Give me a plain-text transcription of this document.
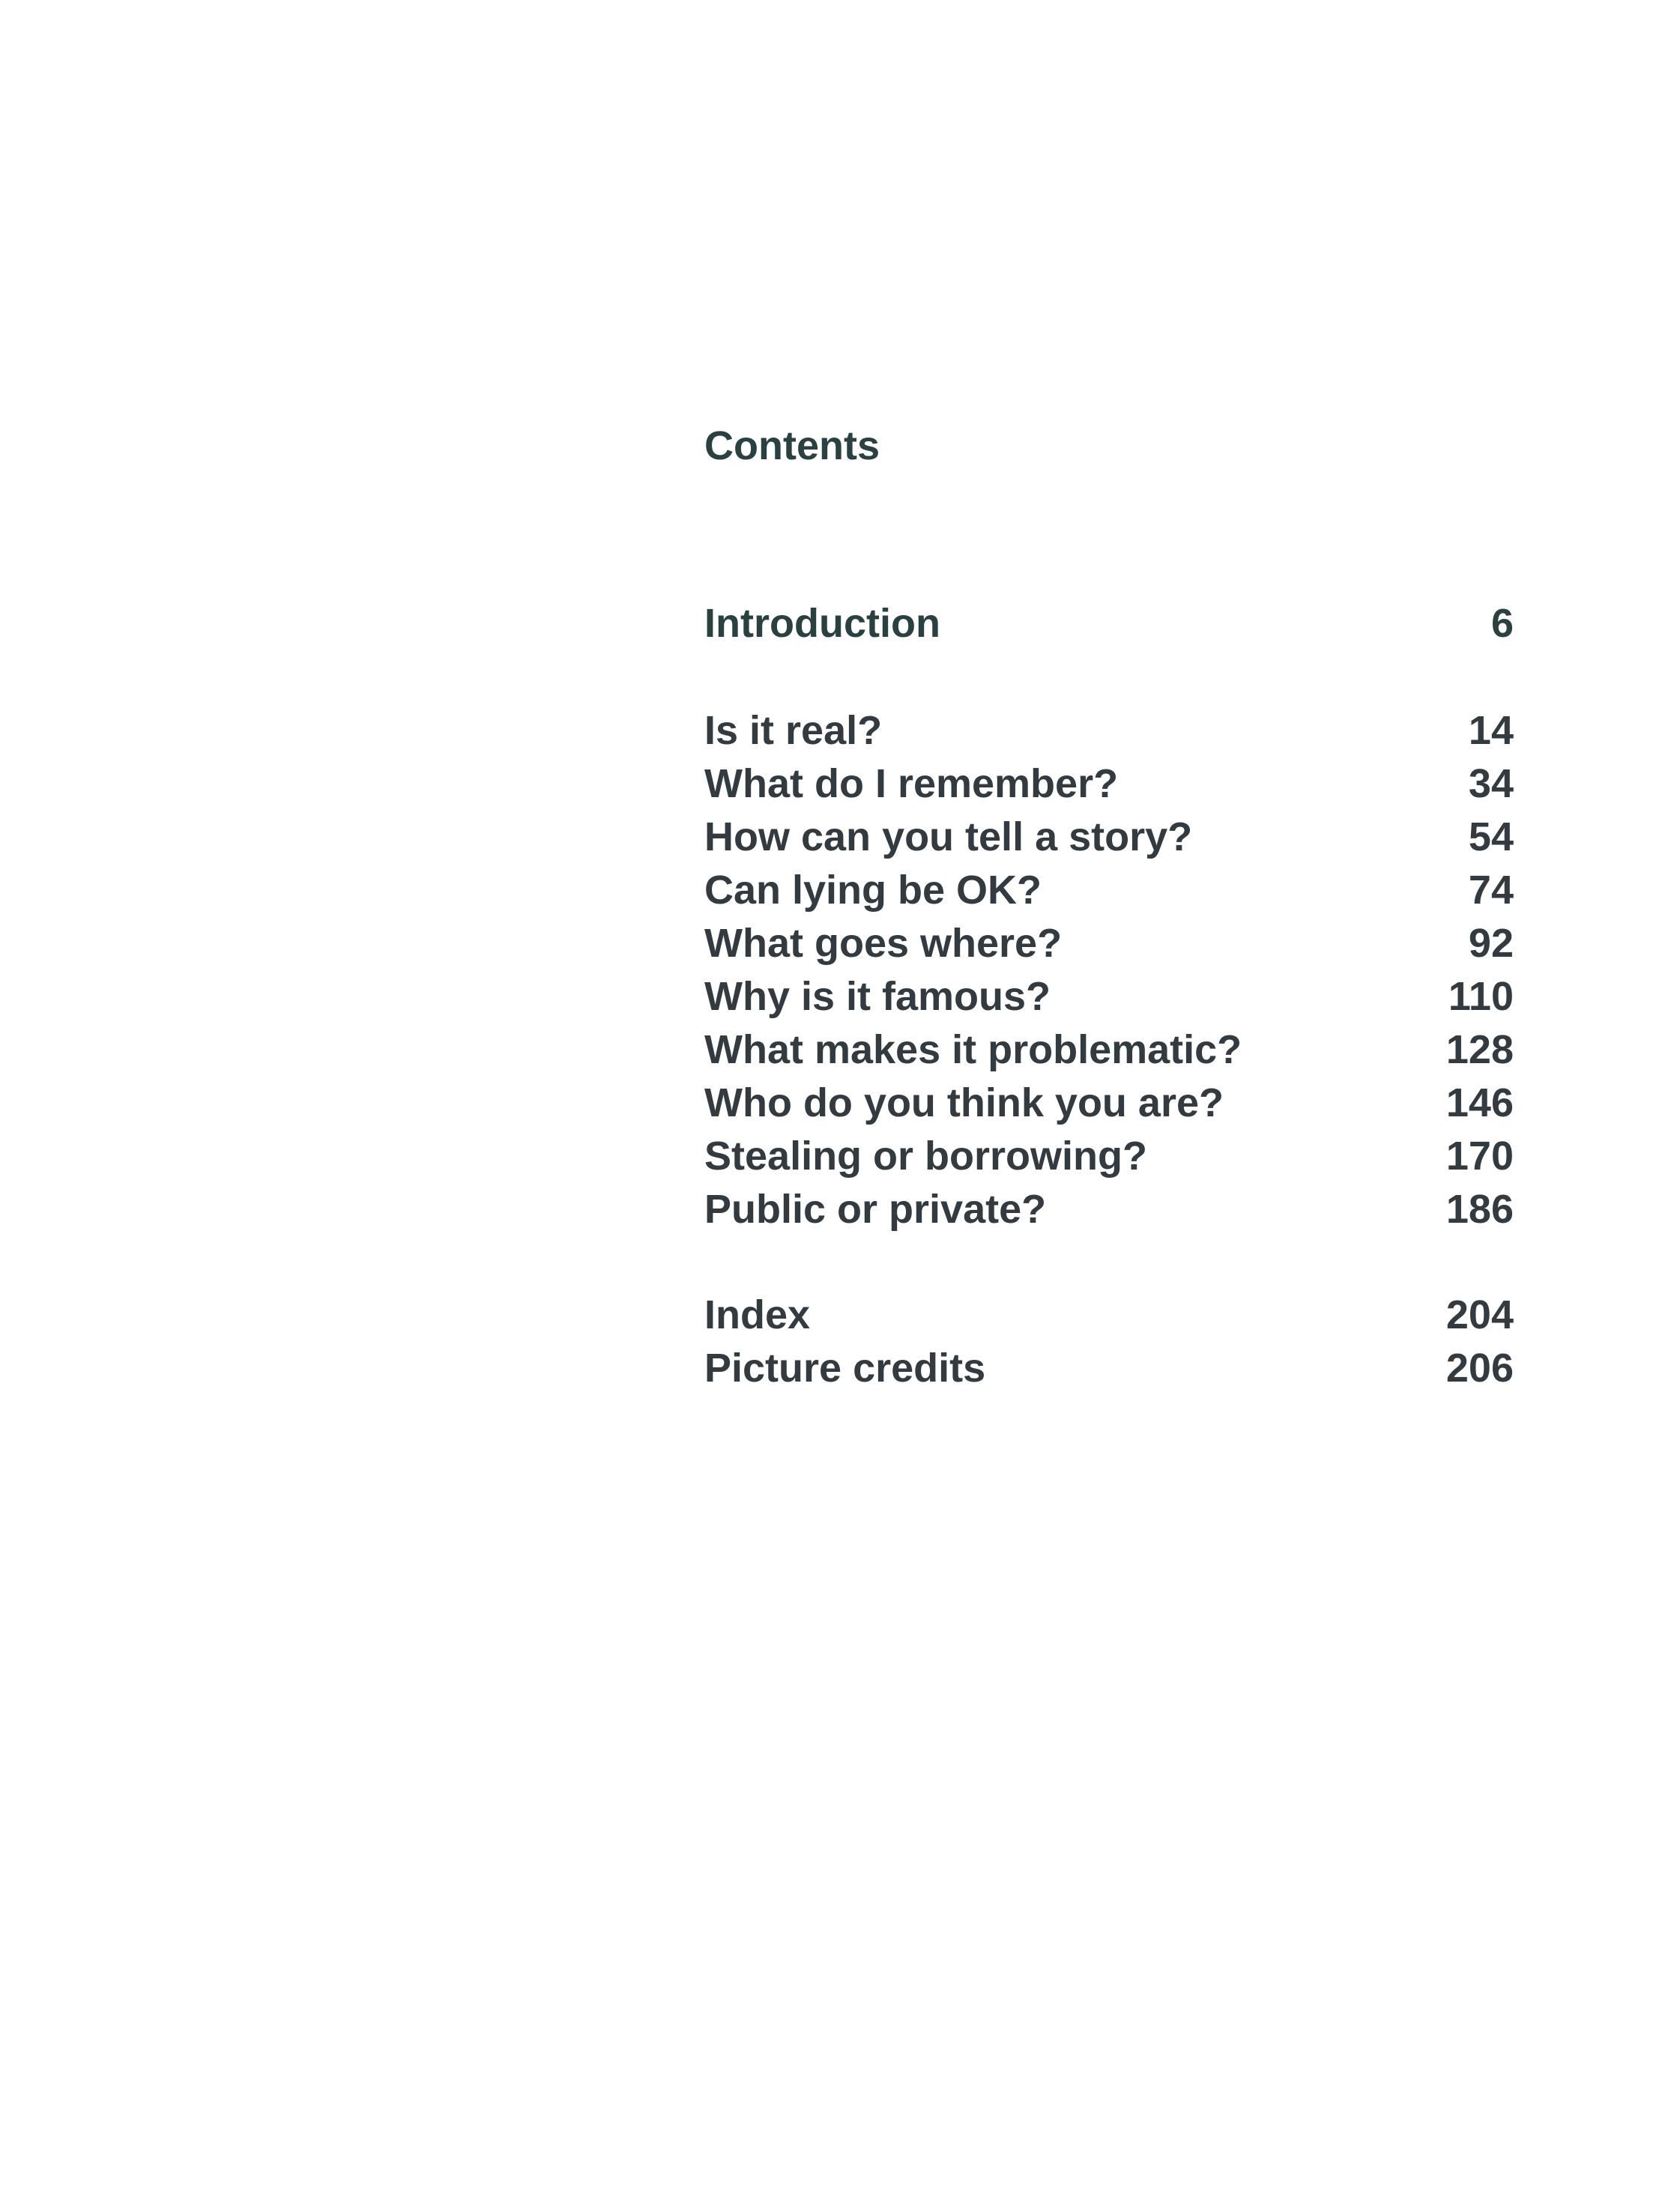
Contents
Introduction	6
Is it real?	14
What do I remember?	34
How can you tell a story?	54
Can lying be OK?	74
What goes where?	92
Why is it famous?	110
What makes it problematic?	128
Who do you think you are?	146
Stealing or borrowing?	170
Public or private?	186
Index	204
Picture credits	206
